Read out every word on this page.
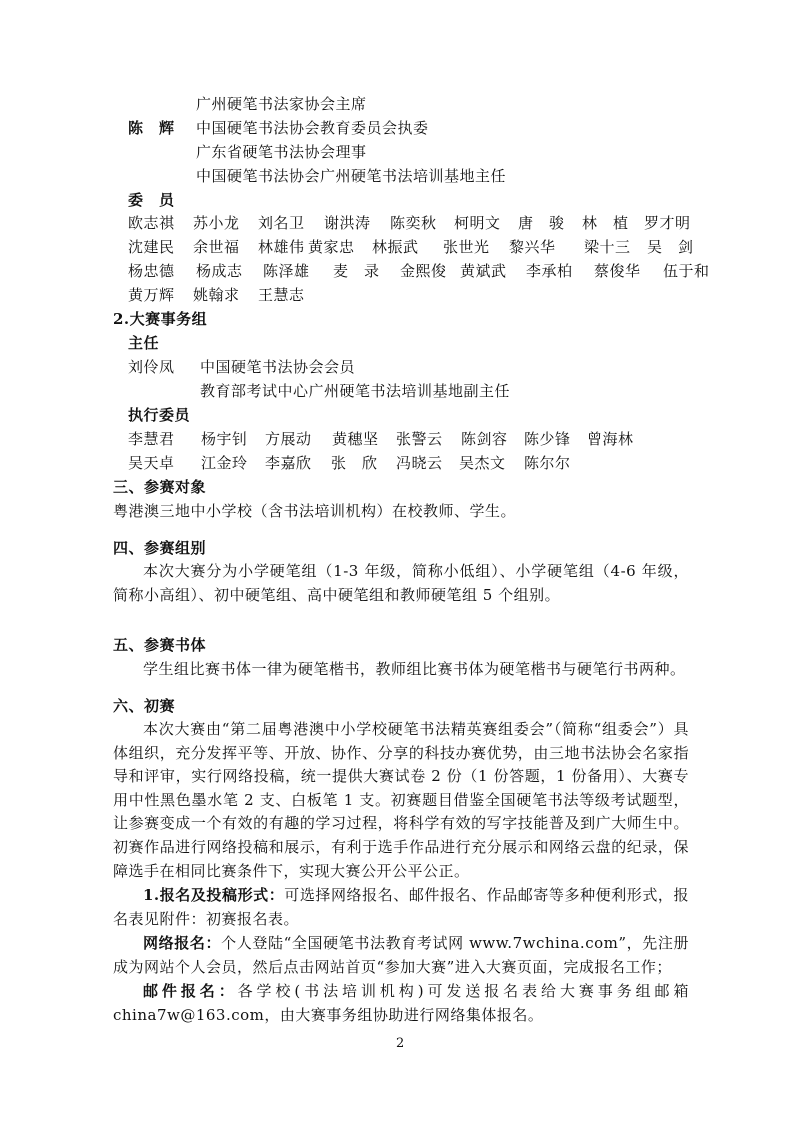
广州硬笔书法家协会主席
陈　辉 中国硬笔书法协会教育委员会执委
广东省硬笔书法协会理事
中国硬笔书法协会广州硬笔书法培训基地主任
委　员
欧志祺 苏小龙 刘名卫 谢洪涛 陈奕秋 柯明文 唐　骏 林　植 罗才明
沈建民 余世福 林雄伟 黄家忠 林振武 张世光 黎兴华 梁十三 吴　剑
杨忠德 杨成志 陈泽雄 麦　录 金熙俊 黄斌武 李承柏 蔡俊华 伍于和
黄万辉 姚翰求 王慧志
2.大赛事务组
主任
刘伶凤 中国硬笔书法协会会员
教育部考试中心广州硬笔书法培训基地副主任
执行委员
李慧君 杨宇钊 方展动 黄穗坚 张警云 陈剑容 陈少锋 曾海林
吴天卓 江金玲 李嘉欣 张　欣 冯晓云 吴杰文 陈尔尔
三、参赛对象
粤港澳三地中小学校（含书法培训机构）在校教师、学生。
四、参赛组别

本次大赛分为小学硬笔组（1-3 年级，简称小低组）、小学硬笔组（4-6 年级，简称小高组）、初中硬笔组、高中硬笔组和教师硬笔组 5 个组别。

五、参赛书体
学生组比赛书体一律为硬笔楷书，教师组比赛书体为硬笔楷书与硬笔行书两种。
六、初赛

本次大赛由“第二届粤港澳中小学校硬笔书法精英赛组委会”（简称“组委会”）具体组织，充分发挥平等、开放、协作、分享的科技办赛优势，由三地书法协会名家指导和评审，实行网络投稿，统一提供大赛试卷 2 份（1 份答题，1 份备用）、大赛专用中性黑色墨水笔 2 支、白板笔 1 支。初赛题目借鉴全国硬笔书法等级考试题型，让参赛变成一个有效的有趣的学习过程，将科学有效的写字技能普及到广大师生中。初赛作品进行网络投稿和展示，有利于选手作品进行充分展示和网络云盘的纪录，保障选手在相同比赛条件下，实现大赛公开公平公正。

1.报名及投稿形式：可选择网络报名、邮件报名、作品邮寄等多种便利形式，报名表见附件：初赛报名表。

网络报名：个人登陆“全国硬笔书法教育考试网 www.7wchina.com”，先注册成为网站个人会员，然后点击网站首页“参加大赛”进入大赛页面，完成报名工作；

邮件报名：各学校(书法培训机构)可发送报名表给大赛事务组邮箱 china7w@163.com，由大赛事务组协助进行网络集体报名。

2
